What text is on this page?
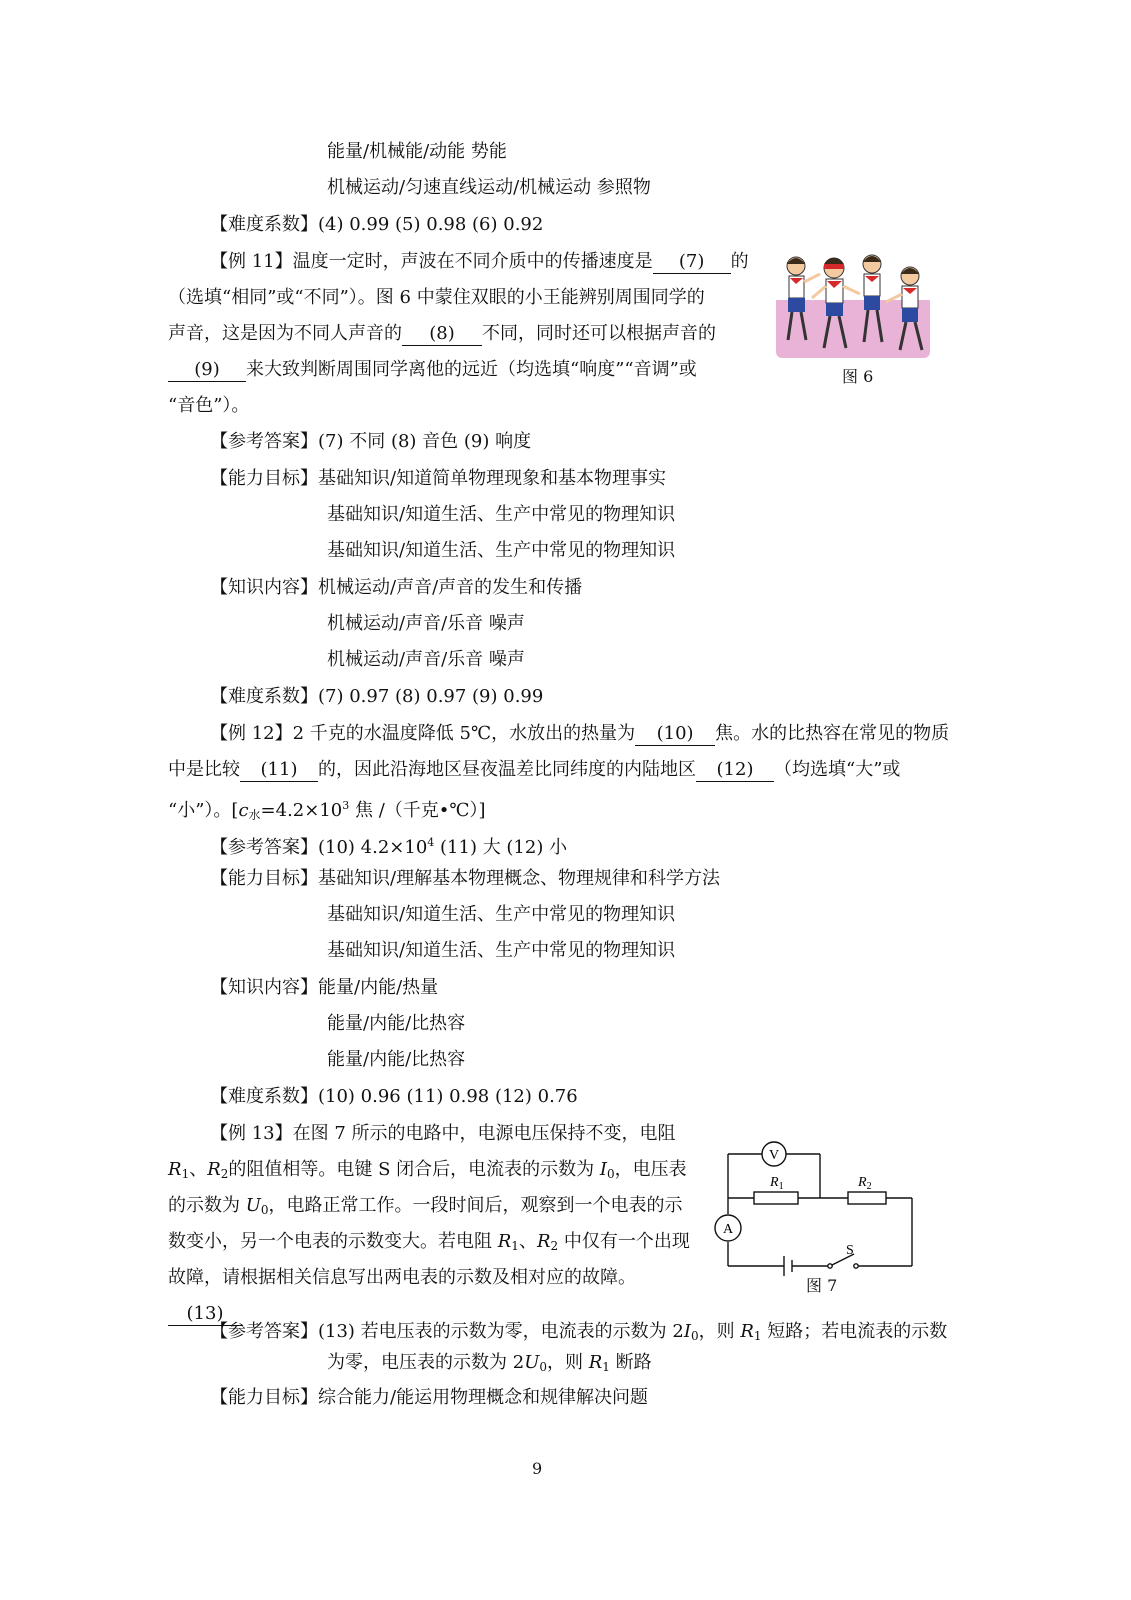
能量/机械能/动能 势能
机械运动/匀速直线运动/机械运动 参照物
【难度系数】(4) 0.99 (5) 0.98 (6) 0.92
【例 11】温度一定时，声波在不同介质中的传播速度是 (7) 的
（选填“相同”或“不同”）。图 6 中蒙住双眼的小王能辨别周围同学的
声音，这是因为不同人声音的 (8) 不同，同时还可以根据声音的
(9) 来大致判断周围同学离他的远近（均选填“响度”“音调”或
“音色”）。
图 6
【参考答案】(7) 不同 (8) 音色 (9) 响度
【能力目标】基础知识/知道简单物理现象和基本物理事实
基础知识/知道生活、生产中常见的物理知识
基础知识/知道生活、生产中常见的物理知识
【知识内容】机械运动/声音/声音的发生和传播
机械运动/声音/乐音 噪声
机械运动/声音/乐音 噪声
【难度系数】(7) 0.97 (8) 0.97 (9) 0.99
【例 12】2 千克的水温度降低 5℃，水放出的热量为 (10) 焦。水的比热容在常见的物质
中是比较 (11) 的，因此沿海地区昼夜温差比同纬度的内陆地区 (12) （均选填“大”或
“小”）。[$c_水=4.2\times 10^3$ 焦 /（千克•℃）]
【参考答案】(10) $4.2\times 10^4$ (11) 大 (12) 小
【能力目标】基础知识/理解基本物理概念、物理规律和科学方法
基础知识/知道生活、生产中常见的物理知识
基础知识/知道生活、生产中常见的物理知识
【知识内容】能量/内能/热量
能量/内能/比热容
能量/内能/比热容
【难度系数】(10) 0.96 (11) 0.98 (12) 0.76
【例 13】在图 7 所示的电路中，电源电压保持不变，电阻
$R_1$、$R_2$的阻值相等。电键 S 闭合后，电流表的示数为 $I_0$，电压表
的示数为 $U_0$，电路正常工作。一段时间后，观察到一个电表的示
数变小，另一个电表的示数变大。若电阻 $R_1$、$R_2$ 中仅有一个出现
故障，请根据相关信息写出两电表的示数及相对应的故障。
(13)
V
A
$R_1$	$R_2$
S
图 7
【参考答案】(13) 若电压表的示数为零，电流表的示数为 $2I_0$，则 $R_1$ 短路；若电流表的示数
为零，电压表的示数为 $2U_0$，则 $R_1$ 断路
【能力目标】综合能力/能运用物理概念和规律解决问题
9
